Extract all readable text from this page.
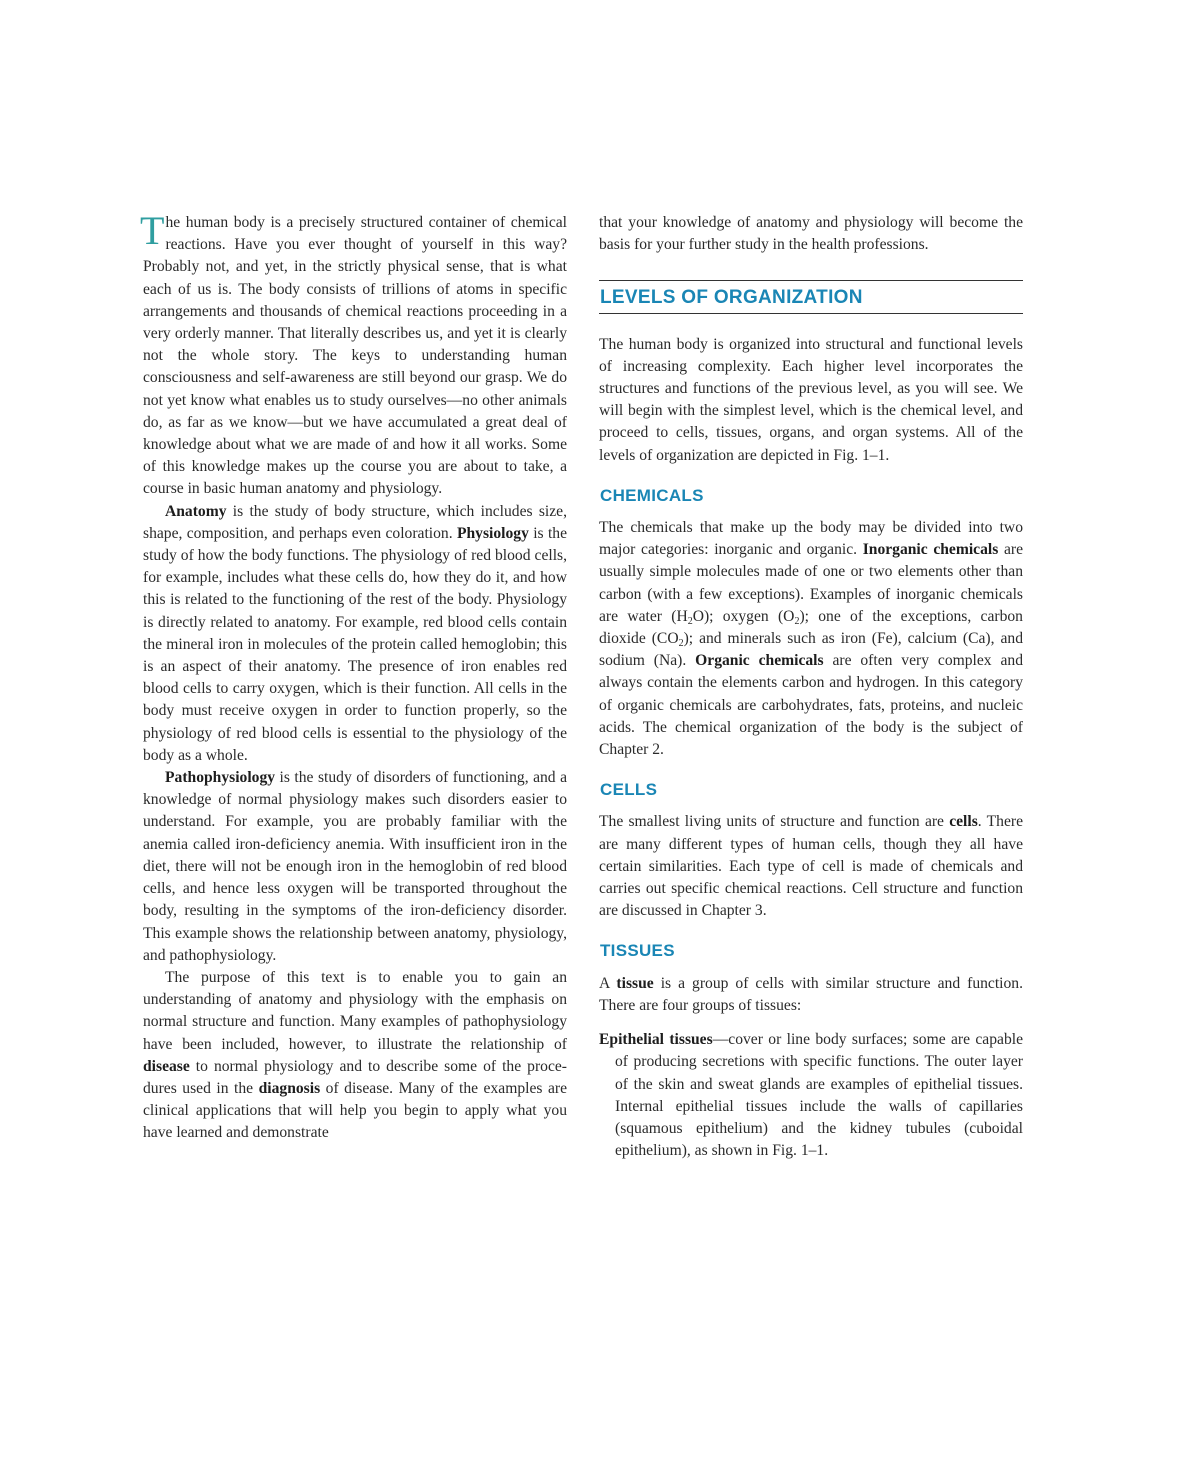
The human body is a precisely structured container of chemical reactions. Have you ever thought of yourself in this way? Probably not, and yet, in the strictly physical sense, that is what each of us is. The body consists of trillions of atoms in specific arrangements and thousands of chemical reactions proceeding in a very orderly manner. That literally describes us, and yet it is clearly not the whole story. The keys to understanding human consciousness and self-awareness are still beyond our grasp. We do not yet know what enables us to study ourselves—no other animals do, as far as we know—but we have accumulated a great deal of knowledge about what we are made of and how it all works. Some of this knowledge makes up the course you are about to take, a course in basic human anatomy and physiology.

Anatomy is the study of body structure, which includes size, shape, composition, and perhaps even coloration. Physiology is the study of how the body functions. The physiology of red blood cells, for example, includes what these cells do, how they do it, and how this is related to the functioning of the rest of the body. Physiology is directly related to anatomy. For example, red blood cells contain the mineral iron in molecules of the protein called hemoglobin; this is an aspect of their anatomy. The presence of iron enables red blood cells to carry oxygen, which is their function. All cells in the body must receive oxygen in order to function properly, so the physiology of red blood cells is essential to the physiology of the body as a whole.

Pathophysiology is the study of disorders of functioning, and a knowledge of normal physiology makes such disorders easier to understand. For example, you are probably familiar with the anemia called iron-deficiency anemia. With insufficient iron in the diet, there will not be enough iron in the hemoglobin of red blood cells, and hence less oxygen will be transported throughout the body, resulting in the symptoms of the iron-deficiency disorder. This example shows the relationship between anatomy, physiology, and pathophysiology.

The purpose of this text is to enable you to gain an understanding of anatomy and physiology with the emphasis on normal structure and function. Many examples of pathophysiology have been included, however, to illustrate the relationship of disease to normal physiology and to describe some of the procedures used in the diagnosis of disease. Many of the examples are clinical applications that will help you begin to apply what you have learned and demonstrate

that your knowledge of anatomy and physiology will become the basis for your further study in the health professions.

LEVELS OF ORGANIZATION

The human body is organized into structural and functional levels of increasing complexity. Each higher level incorporates the structures and functions of the previous level, as you will see. We will begin with the simplest level, which is the chemical level, and proceed to cells, tissues, organs, and organ systems. All of the levels of organization are depicted in Fig. 1–1.

CHEMICALS

The chemicals that make up the body may be divided into two major categories: inorganic and organic. Inorganic chemicals are usually simple molecules made of one or two elements other than carbon (with a few exceptions). Examples of inorganic chemicals are water $(H_2O)$; oxygen $(O_2)$; one of the exceptions, carbon dioxide $(CO_2)$; and minerals such as iron (Fe), calcium (Ca), and sodium (Na). Organic chemicals are often very complex and always contain the elements carbon and hydrogen. In this category of organic chemicals are carbohydrates, fats, proteins, and nucleic acids. The chemical organization of the body is the subject of Chapter 2.

CELLS

The smallest living units of structure and function are cells. There are many different types of human cells, though they all have certain similarities. Each type of cell is made of chemicals and carries out specific chemical reactions. Cell structure and function are discussed in Chapter 3.

TISSUES

A tissue is a group of cells with similar structure and function. There are four groups of tissues:

Epithelial tissues—cover or line body surfaces; some are capable of producing secretions with specific functions. The outer layer of the skin and sweat glands are examples of epithelial tissues. Internal epithelial tissues include the walls of capillaries (squamous epithelium) and the kidney tubules (cuboidal epithelium), as shown in Fig. 1–1.
